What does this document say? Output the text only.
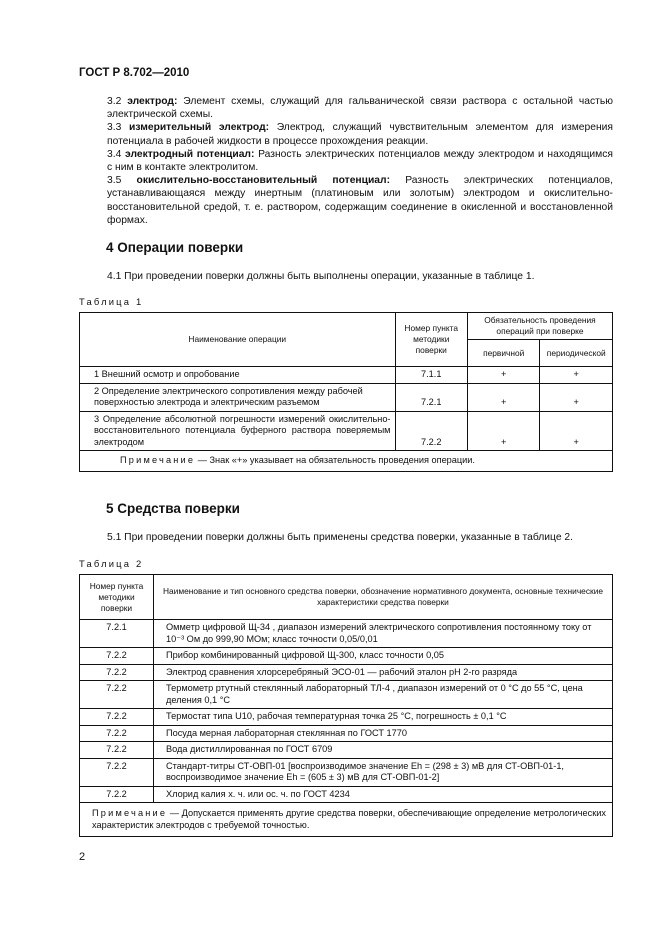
ГОСТ Р 8.702—2010
3.2 электрод: Элемент схемы, служащий для гальванической связи раствора с остальной частью электрической схемы.
3.3 измерительный электрод: Электрод, служащий чувствительным элементом для измерения потенциала в рабочей жидкости в процессе прохождения реакции.
3.4 электродный потенциал: Разность электрических потенциалов между электродом и находящимся с ним в контакте электролитом.
3.5 окислительно-восстановительный потенциал: Разность электрических потенциалов, устанавливающаяся между инертным (платиновым или золотым) электродом и окислительно-восстановительной средой, т. е. раствором, содержащим соединение в окисленной и восстановленной формах.
4 Операции поверки
4.1 При проведении поверки должны быть выполнены операции, указанные в таблице 1.
Таблица 1
Наименование операции	Номер пункта методики поверки	Обязательность проведения операций при поверке	
		первичной	периодической
1 Внешний осмотр и опробование	7.1.1	+	+
2 Определение электрического сопротивления между рабочей поверхностью электрода и электрическим разъемом	7.2.1	+	+
3 Определение абсолютной погрешности измерений окислительно-восстановительного потенциала буферного раствора поверяемым электродом	7.2.2	+	+
Примечание — Знак «+» указывает на обязательность проведения операции.			
5 Средства поверки
5.1 При проведении поверки должны быть применены средства поверки, указанные в таблице 2.
Таблица 2
Номер пункта методики поверки	Наименование и тип основного средства поверки, обозначение нормативного документа, основные технические характеристики средства поверки
7.2.1	Омметр цифровой Щ-34 , диапазон измерений электрического сопротивления постоянному току от 10⁻³ Ом до 999,90 МОм; класс точности 0,05/0,01
7.2.2	Прибор комбинированный цифровой Щ-300, класс точности 0,05
7.2.2	Электрод сравнения хлорсеребряный ЭСО-01 — рабочий эталон pH 2-го разряда
7.2.2	Термометр ртутный стеклянный лабораторный ТЛ-4 , диапазон измерений от 0 °С до 55 °С, цена деления 0,1 °С
7.2.2	Термостат типа U10, рабочая температурная точка 25 °С, погрешность ± 0,1 °С
7.2.2	Посуда мерная лабораторная стеклянная по ГОСТ 1770
7.2.2	Вода дистиллированная по ГОСТ 6709
7.2.2	Стандарт-титры СТ-ОВП-01 [воспроизводимое значение Eh = (298 ± 3) мВ для СТ-ОВП-01-1, воспроизводимое значение Eh = (605 ± 3) мВ для СТ-ОВП-01-2]
7.2.2	Хлорид калия х. ч. или ос. ч. по ГОСТ 4234
Примечание — Допускается применять другие средства поверки, обеспечивающие определение метрологических характеристик электродов с требуемой точностью.	
2
